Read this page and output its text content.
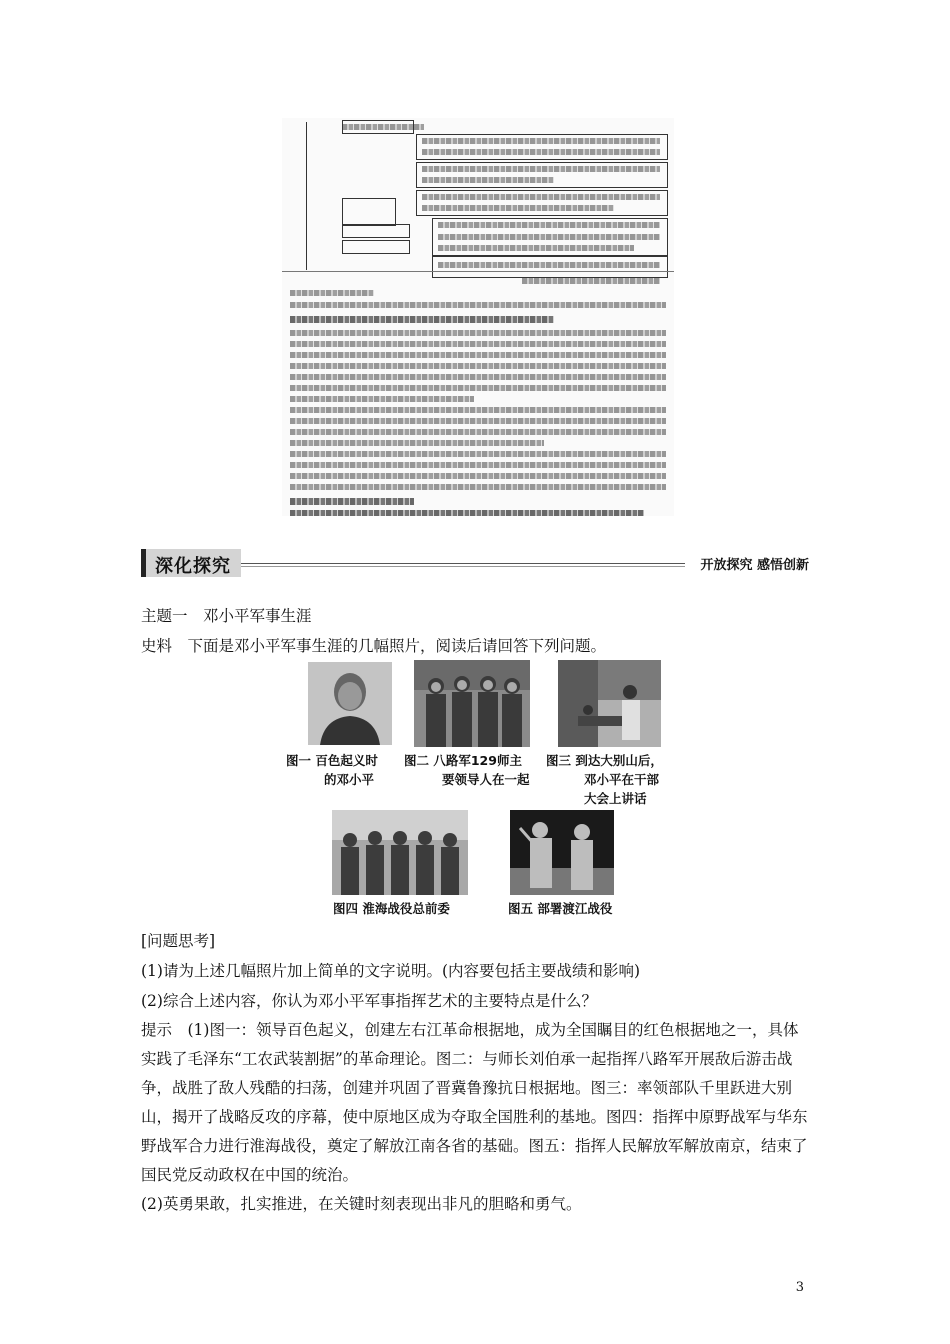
深化探究	开放探究 感悟创新
主题一　邓小平军事生涯
史料　下面是邓小平军事生涯的几幅照片，阅读后请回答下列问题。
图一 百色起义时
的邓小平
图二 八路军129师主
要领导人在一起
图三 到达大别山后，
邓小平在干部
大会上讲话
图四 淮海战役总前委	图五 部署渡江战役
[问题思考]
(1)请为上述几幅照片加上简单的文字说明。(内容要包括主要战绩和影响)
(2)综合上述内容，你认为邓小平军事指挥艺术的主要特点是什么？
提示　(1)图一：领导百色起义，创建左右江革命根据地，成为全国瞩目的红色根据地之一，具体实践了毛泽东“工农武装割据”的革命理论。图二：与师长刘伯承一起指挥八路军开展敌后游击战争，战胜了敌人残酷的扫荡，创建并巩固了晋冀鲁豫抗日根据地。图三：率领部队千里跃进大别山，揭开了战略反攻的序幕，使中原地区成为夺取全国胜利的基地。图四：指挥中原野战军与华东野战军合力进行淮海战役，奠定了解放江南各省的基础。图五：指挥人民解放军解放南京，结束了国民党反动政权在中国的统治。
(2)英勇果敢，扎实推进，在关键时刻表现出非凡的胆略和勇气。
3
